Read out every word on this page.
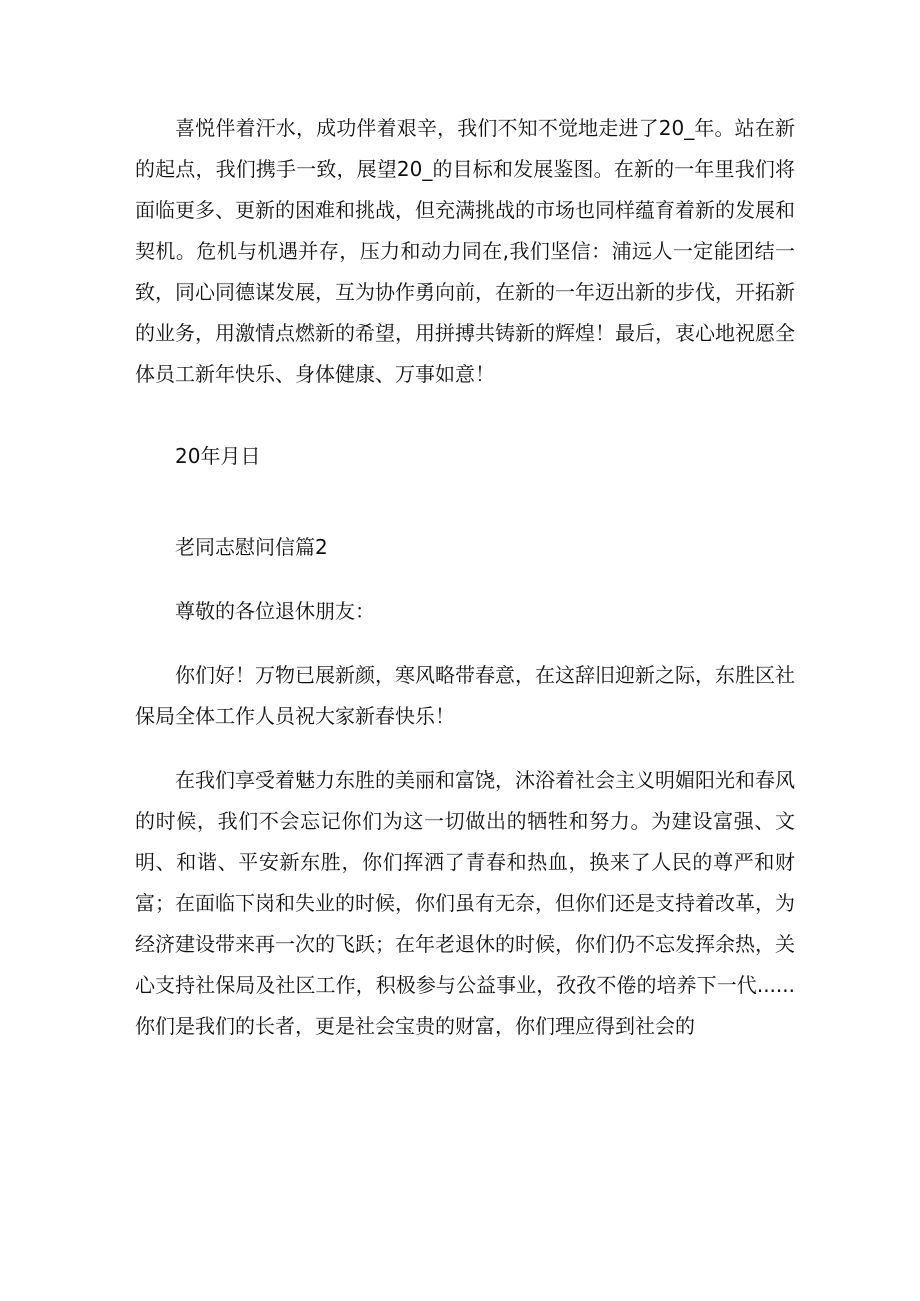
喜悦伴着汗水，成功伴着艰辛，我们不知不觉地走进了20_年。站在新的起点，我们携手一致，展望20_的目标和发展鉴图。在新的一年里我们将面临更多、更新的困难和挑战，但充满挑战的市场也同样蕴育着新的发展和契机。危机与机遇并存，压力和动力同在,我们坚信：浦远人一定能团结一致，同心同德谋发展，互为协作勇向前，在新的一年迈出新的步伐，开拓新的业务，用激情点燃新的希望，用拼搏共铸新的辉煌！最后，衷心地祝愿全体员工新年快乐、身体健康、万事如意！

20年月日

老同志慰问信篇2

尊敬的各位退休朋友：

你们好！万物已展新颜，寒风略带春意，在这辞旧迎新之际，东胜区社保局全体工作人员祝大家新春快乐！

在我们享受着魅力东胜的美丽和富饶，沐浴着社会主义明媚阳光和春风的时候，我们不会忘记你们为这一切做出的牺牲和努力。为建设富强、文明、和谐、平安新东胜，你们挥洒了青春和热血，换来了人民的尊严和财富；在面临下岗和失业的时候，你们虽有无奈，但你们还是支持着改革，为经济建设带来再一次的飞跃；在年老退休的时候，你们仍不忘发挥余热，关心支持社保局及社区工作，积极参与公益事业，孜孜不倦的培养下一代......你们是我们的长者，更是社会宝贵的财富，你们理应得到社会的
